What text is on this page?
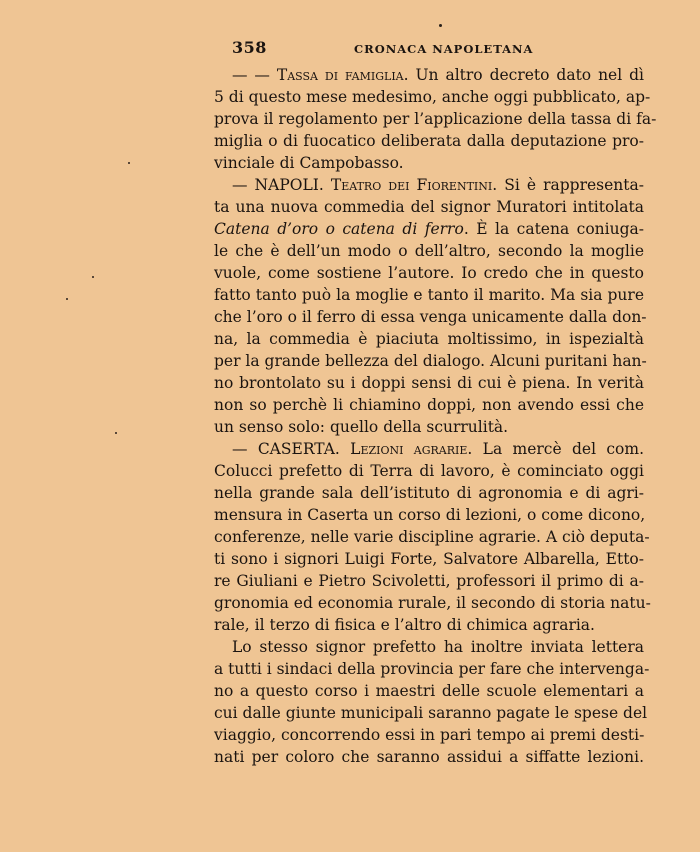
358	CRONACA NAPOLETANA
— — Tassa di famiglia. Un altro decreto dato nel dì
5 di questo mese medesimo, anche oggi pubblicato, ap-
prova il regolamento per l’applicazione della tassa di fa-
miglia o di fuocatico deliberata dalla deputazione pro-
vinciale di Campobasso.
— NAPOLI. Teatro dei Fiorentini. Si è rappresenta-
ta una nuova commedia del signor Muratori intitolata
Catena d’oro o catena di ferro. È la catena coniuga-
le che è dell’un modo o dell’altro, secondo la moglie
vuole, come sostiene l’autore. Io credo che in questo
fatto tanto può la moglie e tanto il marito. Ma sia pure
che l’oro o il ferro di essa venga unicamente dalla don-
na, la commedia è piaciuta moltissimo, in ispezialtà
per la grande bellezza del dialogo. Alcuni puritani han-
no brontolato su i doppi sensi di cui è piena. In verità
non so perchè li chiamino doppi, non avendo essi che
un senso solo: quello della scurrulità.
— CASERTA. Lezioni agrarie. La mercè del com.
Colucci prefetto di Terra di lavoro, è cominciato oggi
nella grande sala dell’istituto di agronomia e di agri-
mensura in Caserta un corso di lezioni, o come dicono,
conferenze, nelle varie discipline agrarie. A ciò deputa-
ti sono i signori Luigi Forte, Salvatore Albarella, Etto-
re Giuliani e Pietro Scivoletti, professori il primo di a-
gronomia ed economia rurale, il secondo di storia natu-
rale, il terzo di fisica e l’altro di chimica agraria.
Lo stesso signor prefetto ha inoltre inviata lettera
a tutti i sindaci della provincia per fare che intervenga-
no a questo corso i maestri delle scuole elementari a
cui dalle giunte municipali saranno pagate le spese del
viaggio, concorrendo essi in pari tempo ai premi desti-
nati per coloro che saranno assidui a siffatte lezioni.
